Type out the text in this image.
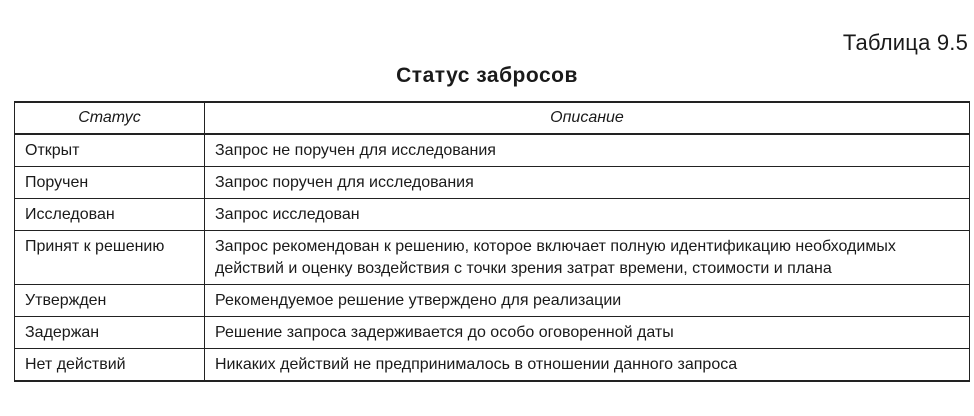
Таблица 9.5
Статус забросов
Статус	Описание
Открыт	Запрос не поручен для исследования
Поручен	Запрос поручен для исследования
Исследован	Запрос исследован
Принят к решению	Запрос рекомендован к решению, которое включает полную идентификацию необходимых действий и оценку воздействия с точки зрения затрат времени, стоимости и плана
Утвержден	Рекомендуемое решение утверждено для реализации
Задержан	Решение запроса задерживается до особо оговоренной даты
Нет действий	Никаких действий не предпринималось в отношении данного запроса
